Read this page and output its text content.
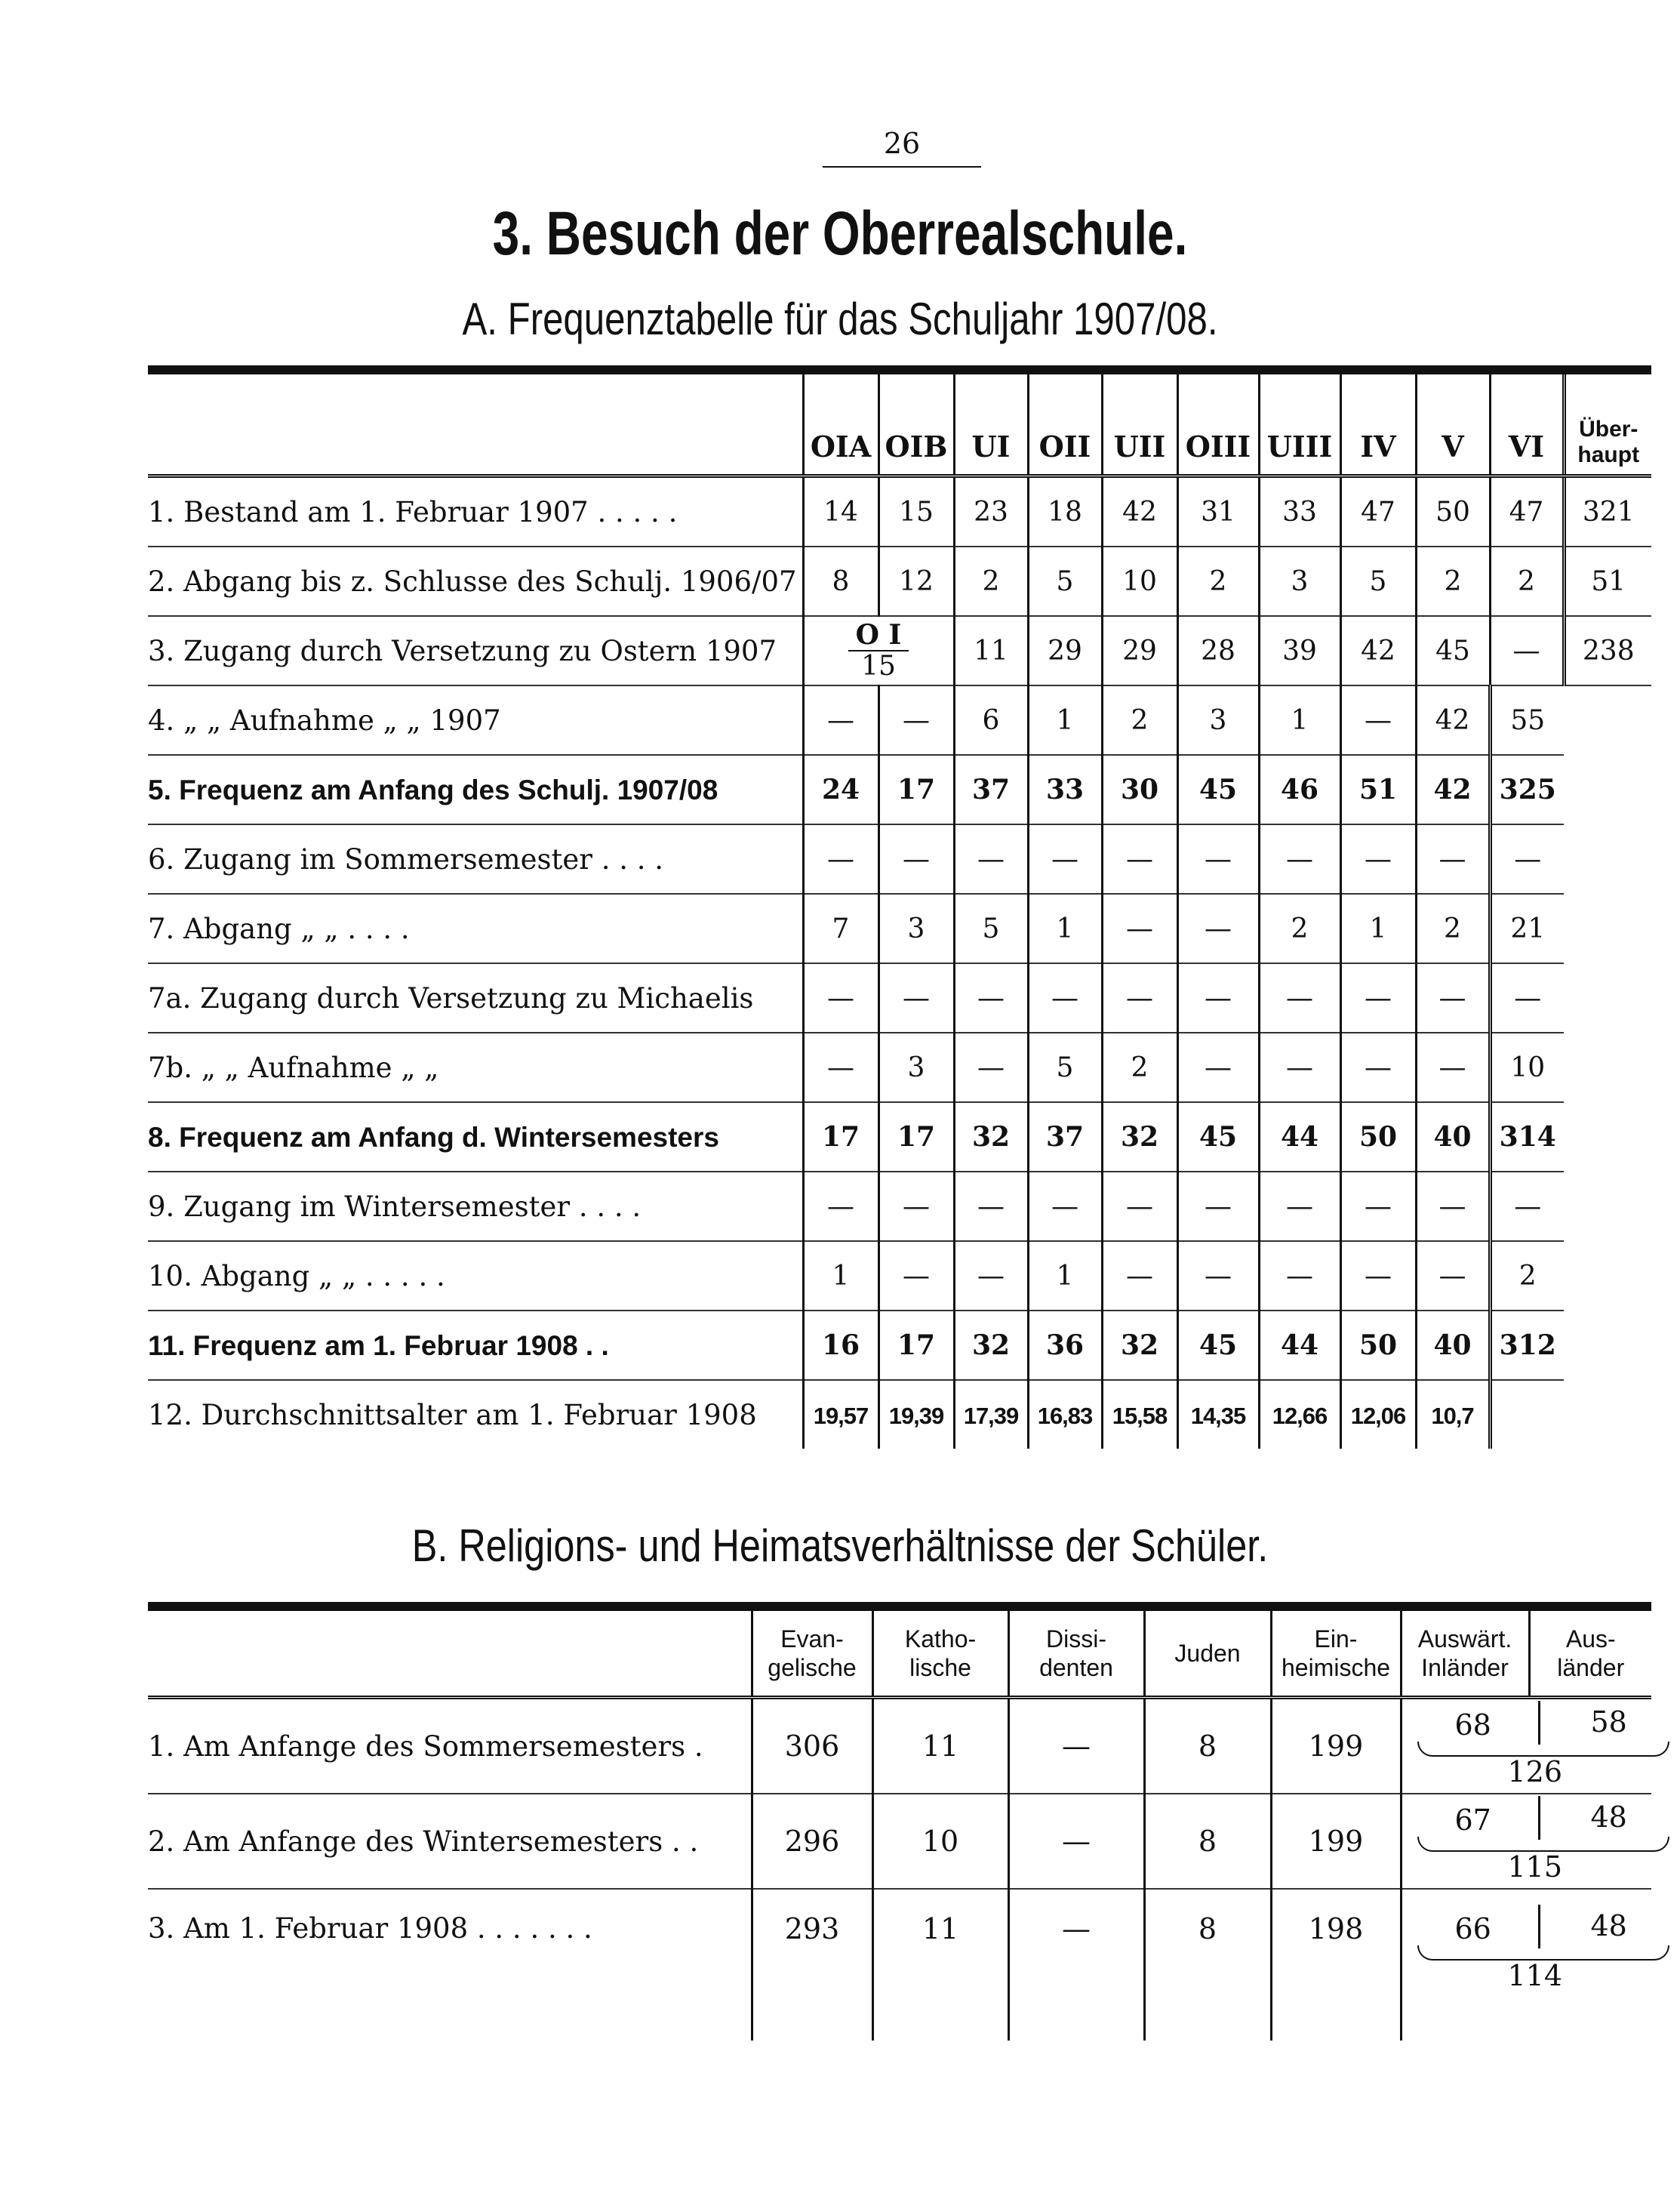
26
3. Besuch der Oberrealschule.
A. Frequenztabelle für das Schuljahr 1907/08.
	OIA	OIB	UI	OII	UII	OIII	UIII	IV	V	VI	Über-
haupt
1. Bestand am 1. Februar 1907 . . . . .	14	15	23	18	42	31	33	47	50	47	321
2. Abgang bis z. Schlusse des Schulj. 1906/07	8	12	2	5	10	2	3	5	2	2	51
3. Zugang durch Versetzung zu Ostern 1907	$\frac{\text{O I}}{15}$		11	29	29	28	39	42	45	—	238
4. „ „ Aufnahme „ „ 1907	—	—	6	1	2	3	1	—	42	55	
5. Frequenz am Anfang des Schulj. 1907/08	24	17	37	33	30	45	46	51	42	325	
6. Zugang im Sommersemester . . . .	—	—	—	—	—	—	—	—	—	—	
7. Abgang „ „ . . . .	7	3	5	1	—	—	2	1	2	21	
7a. Zugang durch Versetzung zu Michaelis	—	—	—	—	—	—	—	—	—	—	
7b. „ „ Aufnahme „ „	—	3	—	5	2	—	—	—	—	10	
8. Frequenz am Anfang d. Wintersemesters	17	17	32	37	32	45	44	50	40	314	
9. Zugang im Wintersemester . . . .	—	—	—	—	—	—	—	—	—	—	
10. Abgang „ „ . . . . .	1	—	—	1	—	—	—	—	—	2	
11. Frequenz am 1. Februar 1908 . .	16	17	32	36	32	45	44	50	40	312	
12. Durchschnittsalter am 1. Februar 1908	19,57	19,39	17,39	16,83	15,58	14,35	12,66	12,06	10,7		
B. Religions- und Heimatsverhältnisse der Schüler.
	Evan-
gelische	Katho-
lische	Dissi-
denten	Juden	Ein-
heimische	Auswärt.
Inländer	Aus-
länder
1. Am Anfange des Sommersemesters .	306	11	—	8	199	68 58
126	

2. Am Anfange des Wintersemesters . .	296	10	—	8	199	67 48
115	

3. Am 1. Februar 1908 . . . . . . .	293	11	—	8	198	66 48
114	
